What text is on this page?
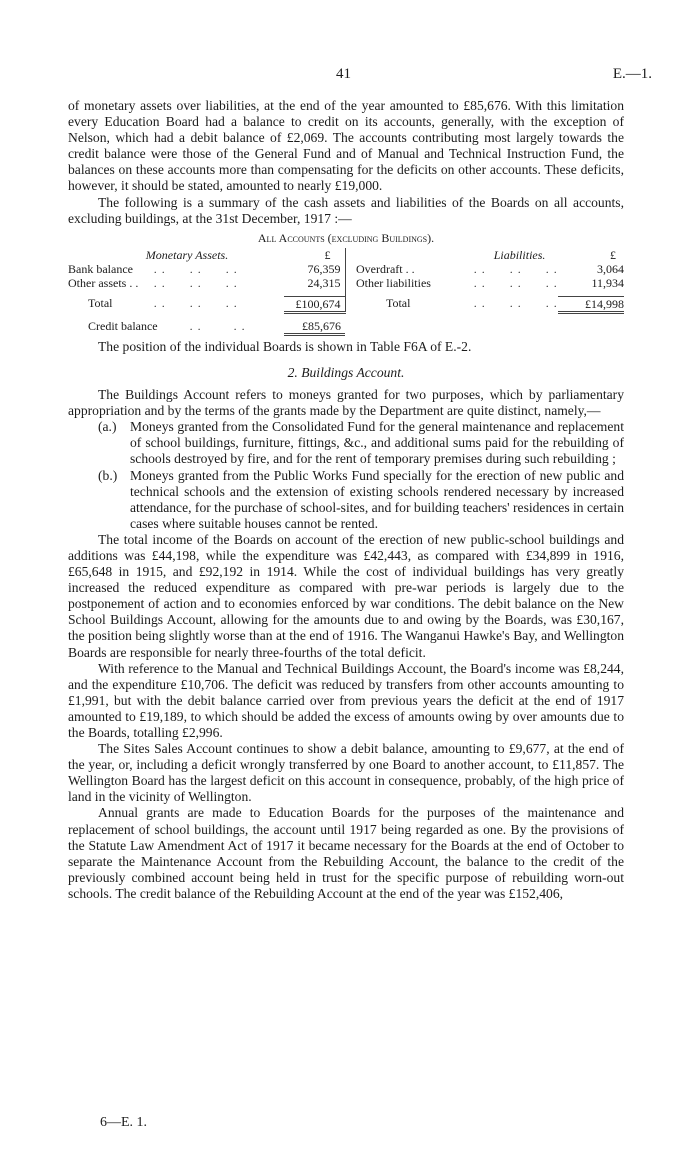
41	E.—1.

of monetary assets over liabilities, at the end of the year amounted to £85,676. With this limitation every Education Board had a balance to credit on its accounts, generally, with the exception of Nelson, which had a debit balance of £2,069. The accounts contributing most largely towards the credit balance were those of the General Fund and of Manual and Technical Instruction Fund, the balances on these accounts more than compensating for the deficits on other accounts. These deficits, however, it should be stated, amounted to nearly £19,000.

The following is a summary of the cash assets and liabilities of the Boards on all accounts, excluding buildings, at the 31st December, 1917 :—

All Accounts (excluding Buildings).

	Monetary Assets.	£			Liabilities.	£
Bank balance	. .      . .      . .	76,359		Overdraft . .	. .      . .      . .	3,064
Other assets . .	. .      . .      . .	24,315		Other liabilities	. .      . .      . .	11,934

Total	. .      . .      . .	£100,674		Total	. .      . .      . .	£14,998

Credit balance        . .        . .		£85,676				

The position of the individual Boards is shown in Table F6A of E.-2.

2. Buildings Account.

The Buildings Account refers to moneys granted for two purposes, which by parliamentary appropriation and by the terms of the grants made by the Department are quite distinct, namely,—

(a.) Moneys granted from the Consolidated Fund for the general maintenance and replacement of school buildings, furniture, fittings, &c., and additional sums paid for the rebuilding of schools destroyed by fire, and for the rent of temporary premises during such rebuilding ;
(b.) Moneys granted from the Public Works Fund specially for the erection of new public and technical schools and the extension of existing schools rendered necessary by increased attendance, for the purchase of school-sites, and for building teachers' residences in certain cases where suitable houses cannot be rented.

The total income of the Boards on account of the erection of new public-school buildings and additions was £44,198, while the expenditure was £42,443, as compared with £34,899 in 1916, £65,648 in 1915, and £92,192 in 1914. While the cost of individual buildings has very greatly increased the reduced expenditure as compared with pre-war periods is largely due to the postponement of action and to economies enforced by war conditions. The debit balance on the New School Buildings Account, allowing for the amounts due to and owing by the Boards, was £30,167, the position being slightly worse than at the end of 1916. The Wanganui Hawke's Bay, and Wellington Boards are responsible for nearly three-fourths of the total deficit.

With reference to the Manual and Technical Buildings Account, the Board's income was £8,244, and the expenditure £10,706. The deficit was reduced by transfers from other accounts amounting to £1,991, but with the debit balance carried over from previous years the deficit at the end of 1917 amounted to £19,189, to which should be added the excess of amounts owing by over amounts due to the Boards, totalling £2,996.

The Sites Sales Account continues to show a debit balance, amounting to £9,677, at the end of the year, or, including a deficit wrongly transferred by one Board to another account, to £11,857. The Wellington Board has the largest deficit on this account in consequence, probably, of the high price of land in the vicinity of Wellington.

Annual grants are made to Education Boards for the purposes of the maintenance and replacement of school buildings, the account until 1917 being regarded as one. By the provisions of the Statute Law Amendment Act of 1917 it became necessary for the Boards at the end of October to separate the Maintenance Account from the Rebuilding Account, the balance to the credit of the previously combined account being held in trust for the specific purpose of rebuilding worn-out schools. The credit balance of the Rebuilding Account at the end of the year was £152,406,

6—E. 1.
